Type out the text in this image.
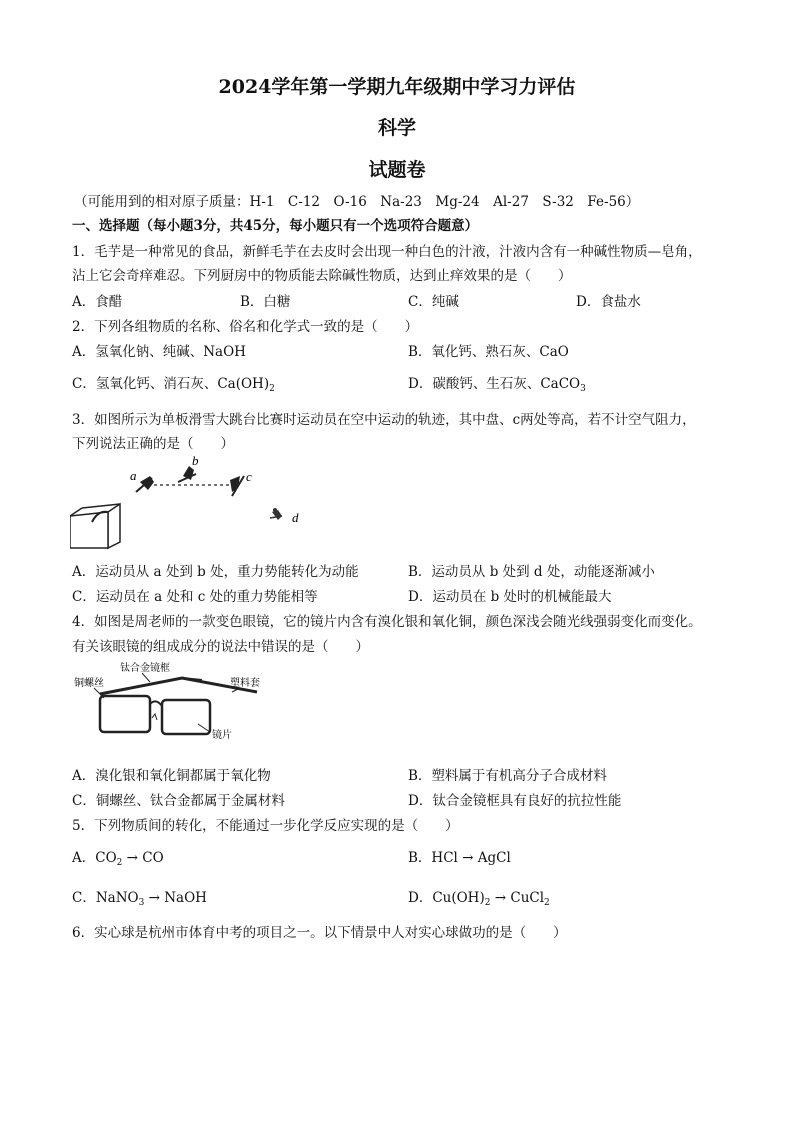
2024学年第一学期九年级期中学习力评估
科学
试题卷
（可能用到的相对原子质量：H-1　C-12　O-16　Na-23　Mg-24　Al-27　S-32　Fe-56）
一、选择题（每小题3分，共45分，每小题只有一个选项符合题意）
1．毛芋是一种常见的食品，新鲜毛芋在去皮时会出现一种白色的汁液，汁液内含有一种碱性物质—皂角，
沾上它会奇痒难忍。下列厨房中的物质能去除碱性物质，达到止痒效果的是（　　）
A．食醋	B．白糖	C．纯碱	D．食盐水
2．下列各组物质的名称、俗名和化学式一致的是（　　）
A．氢氧化钠、纯碱、NaOH	B．氧化钙、熟石灰、CaO
C．氢氧化钙、消石灰、$Ca(OH)_2$	D．碳酸钙、生石灰、CaCO$_3$
3．如图所示为单板滑雪大跳台比赛时运动员在空中运动的轨迹，其中盘、c两处等高，若不计空气阻力，
下列说法正确的是（　　）
a
b
c
d
A．运动员从 a 处到 b 处，重力势能转化为动能	B．运动员从 b 处到 d 处，动能逐渐减小
C．运动员在 a 处和 c 处的重力势能相等	D．运动员在 b 处时的机械能最大
4．如图是周老师的一款变色眼镜，它的镜片内含有溴化银和氧化铜，颜色深浅会随光线强弱变化而变化。
有关该眼镜的组成成分的说法中错误的是（　　）
钛合金镜框
铜螺丝	塑料套
镜片
A．溴化银和氧化铜都属于氧化物	B．塑料属于有机高分子合成材料
C．铜螺丝、钛合金都属于金属材料	D．钛合金镜框具有良好的抗拉性能
5．下列物质间的转化，不能通过一步化学反应实现的是（　　）
A．$CO_2$ → CO	B．HCl → AgCl
C．NaNO$_3$ → NaOH	D．$Cu(OH)_2$ → CuCl$_2$
6．实心球是杭州市体育中考的项目之一。以下情景中人对实心球做功的是（　　）
